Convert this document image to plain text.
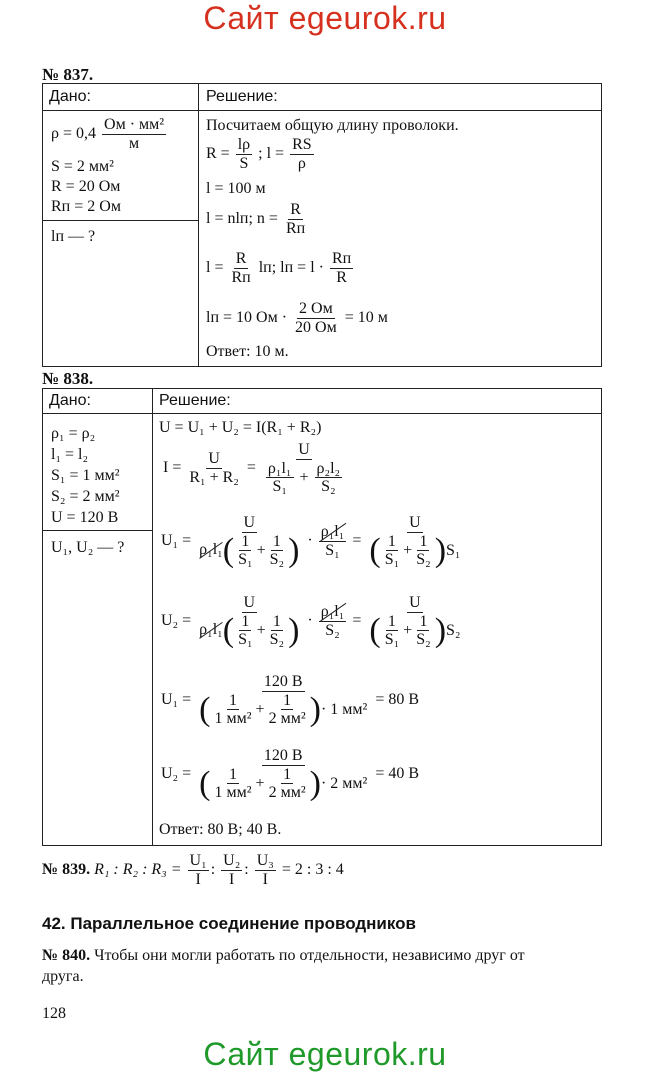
Сайт egeurok.ru
№ 837.
Дано:	Решение:
$\rho = 0,4 \frac{\text{Ом · мм²}}{м}$
S = 2 мм²
R = 20 Ом
Rп = 2 Ом
lп — ?
Посчитаем общую длину проволоки.
$R = \frac{l\rho}{S}$ ; $l = \frac{RS}{\rho}$
l = 100 м
l = nlп; $n = \frac{R}{Rп}$
$l = \frac{R}{Rп}$ lп; lп = $l \cdot \frac{Rп}{R}$
lп = 10 Ом · $\frac{2 Ом}{20 Ом} = 10$ м
Ответ: 10 м.
№ 838.
Дано:	Решение:
ρ₁ = ρ₂
l₁ = l₂
S₁ = 1 мм²
S₂ = 2 мм²
U = 120 В
U₁, U₂ — ?
U = U₁ + U₂ = I(R₁ + R₂)
$I = \frac{U}{\text{R₁ + R₂}} = \frac{U}{\frac{\text{ρ₁l₁}}{\text{S₁}} + \frac{\text{ρ₂l₂}}{\text{S₂}}}$
$U_1 = \frac{U}{\rho_1l_1( \frac{1}{\text{S₁}} + \frac{1}{\text{S₂}} )} \cdot \frac{\text{ρ₁l₁}}{\text{S₁}} = \frac{U}{( \frac{1}{\text{S₁}} + \frac{1}{\text{S₂}} )S_1}$
$U_2 = \frac{U}{\rho_1l_1( \frac{1}{\text{S₁}} + \frac{1}{\text{S₂}} )} \cdot \frac{\text{ρ₁l₁}}{\text{S₂}} = \frac{U}{( \frac{1}{\text{S₁}} + \frac{1}{\text{S₂}} )S_2}$
$U_1 = \frac{120 В}{( \frac{1}{\text{1 мм²}} + \frac{1}{\text{2 мм²}} )\cdot 1 мм^2} = 80$ В
$U_2 = \frac{120 В}{( \frac{1}{\text{1 мм²}} + \frac{1}{\text{2 мм²}} )\cdot 2 мм^2} = 40$ В
Ответ: 80 В; 40 В.
№ 839. R₁ : R₂ : $R_3 = \frac{\text{U₁}}{I}$ : $\frac{\text{U₂}}{I}$ : $\frac{\text{U₃}}{I} = 2$ : 3 : 4
42. Параллельное соединение проводников
№ 840. Чтобы они могли работать по отдельности, независимо друг от
друга.
128
Сайт egeurok.ru
